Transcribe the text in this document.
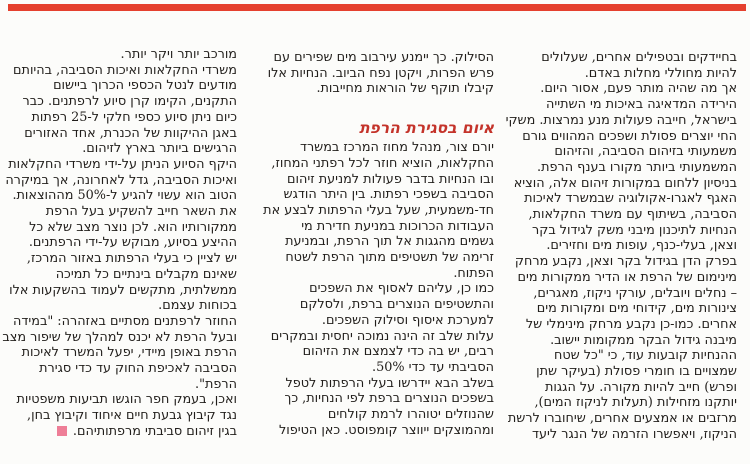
בחיידקים ובטפילים אחרים, שעלולים
להיות מחוללי מחלות באדם.
אך מה שהיה מותר פעם, אסור היום.
הירידה המדאיגה באיכות מי השתייה
בישראל, חייבה פעולות מנע נמרצות. משקי
החי יוצרים פסולת ושפכים המהווים גורם
משמעותי בזיהום הסביבה, והזיהום
המשמעותי ביותר מקורו בענף הרפת.
בניסיון ללחום במקורות זיהום אלה, הוציא
האגף לאגרו-אקולוגיה שבמשרד לאיכות
הסביבה, בשיתוף עם משרד החקלאות,
הנחיות לתיכנון מיבני משק לגידול בקר
וצאן, בעלי-כנף, עופות מים וחזירים.
בפרק הדן בגידול בקר וצאן, נקבע מרחק
מינימום של הרפת או הדיר ממקורות מים
– נחלים ויובלים, עורקי ניקוז, מאגרים,
צינורות מים, קידוחי מים ומקורות מים
אחרים. כמו-כן נקבע מרחק מינימלי של
מיבנה גידול הבקר ממקומות יישוב.
ההנחיות קובעות עוד, כי "כל שטח
שמצויים בו חומרי פסולת (בעיקר שתן
ופרש) חייב להיות מקורה. על הגגות
יותקנו מזחילות (תעלות לניקוז המים),
מרזבים או אמצעים אחרים, שיחוברו לרשת
הניקוז, ויאפשרו הזרמה של הנגר ליעד
הסילוק. כך יימנע עירבוב מים שפירים עם
פרש הפרות, ויקטן נפח הביוב. הנחיות אלו
קיבלו תוקף של הוראות מחייבות.
איום בסגירת הרפת
יורם צור, מנהל מחוז המרכז במשרד
החקלאות, הוציא חוזר לכל רפתני המחוז,
ובו הנחיות בדבר פעולות למניעת זיהום
הסביבה בשפכי רפתות. בין היתר הודגש
חד-משמעית, שעל בעלי הרפתות לבצע את
העבודות הכרוכות במניעת חדירת מי
גשמים מהגגות אל תוך הרפת, ובמניעת
זרימה של תשטיפים מתוך הרפת לשטח
הפתוח.
כמו כן, עליהם לאסוף את השפכים
והתשטיפים הנוצרים ברפת, ולסלקם
למערכת איסוף וסילוק השפכים.
עלות שלב זה הינה נמוכה יחסית ובמקרים
רבים, יש בה כדי לצמצם את הזיהום
הסביבתי עד כדי 50%.
בשלב הבא יידרשו בעלי הרפתות לטפל
בשפכים הנוצרים ברפת לפי הנחיות, כך
שהנוזלים יטוהרו לרמת קולחים
ומהמוצקים ייווצר קומפוסט. כאן הטיפול
מורכב יותר ויקר יותר.
משרדי החקלאות ואיכות הסביבה, בהיותם
מודעים לנטל הכספי הכרוך ביישום
התקנים, הקימו קרן סיוע לרפתנים. כבר
כיום ניתן סיוע כספי חלקי ל-25 רפתות
באגן ההיקוות של הכנרת, אחד האזורים
הרגישים ביותר בארץ לזיהום.
היקף הסיוע הניתן על-ידי משרדי החקלאות
ואיכות הסביבה, גדל לאחרונה, אך במיקרה
הטוב הוא עשוי להגיע ל-50% מההוצאות.
את השאר חייב להשקיע בעל הרפת
ממקורותיו הוא. לכן נוצר מצב שלא כל
ההיצע בסיוע, מבוקש על-ידי הרפתנים.
יש לציין כי בעלי הרפתות באזור המרכז,
שאינם מקבלים בינתיים כל תמיכה
ממשלתית, מתקשים לעמוד בהשקעות אלו
בכוחות עצמם.
החוזר לרפתנים מסתיים באזהרה: "במידה
ובעל הרפת לא יכנס למהלך של שיפור מצב
הרפת באופן מיידי, יפעל המשרד לאיכות
הסביבה לאכיפת החוק עד כדי סגירת
הרפת".
ואכן, בעמק חפר הוגשו תביעות משפטיות
נגד קיבוץ גבעת חיים איחוד וקיבוץ בחן,
בגין זיהום סביבתי מרפתותיהם.
